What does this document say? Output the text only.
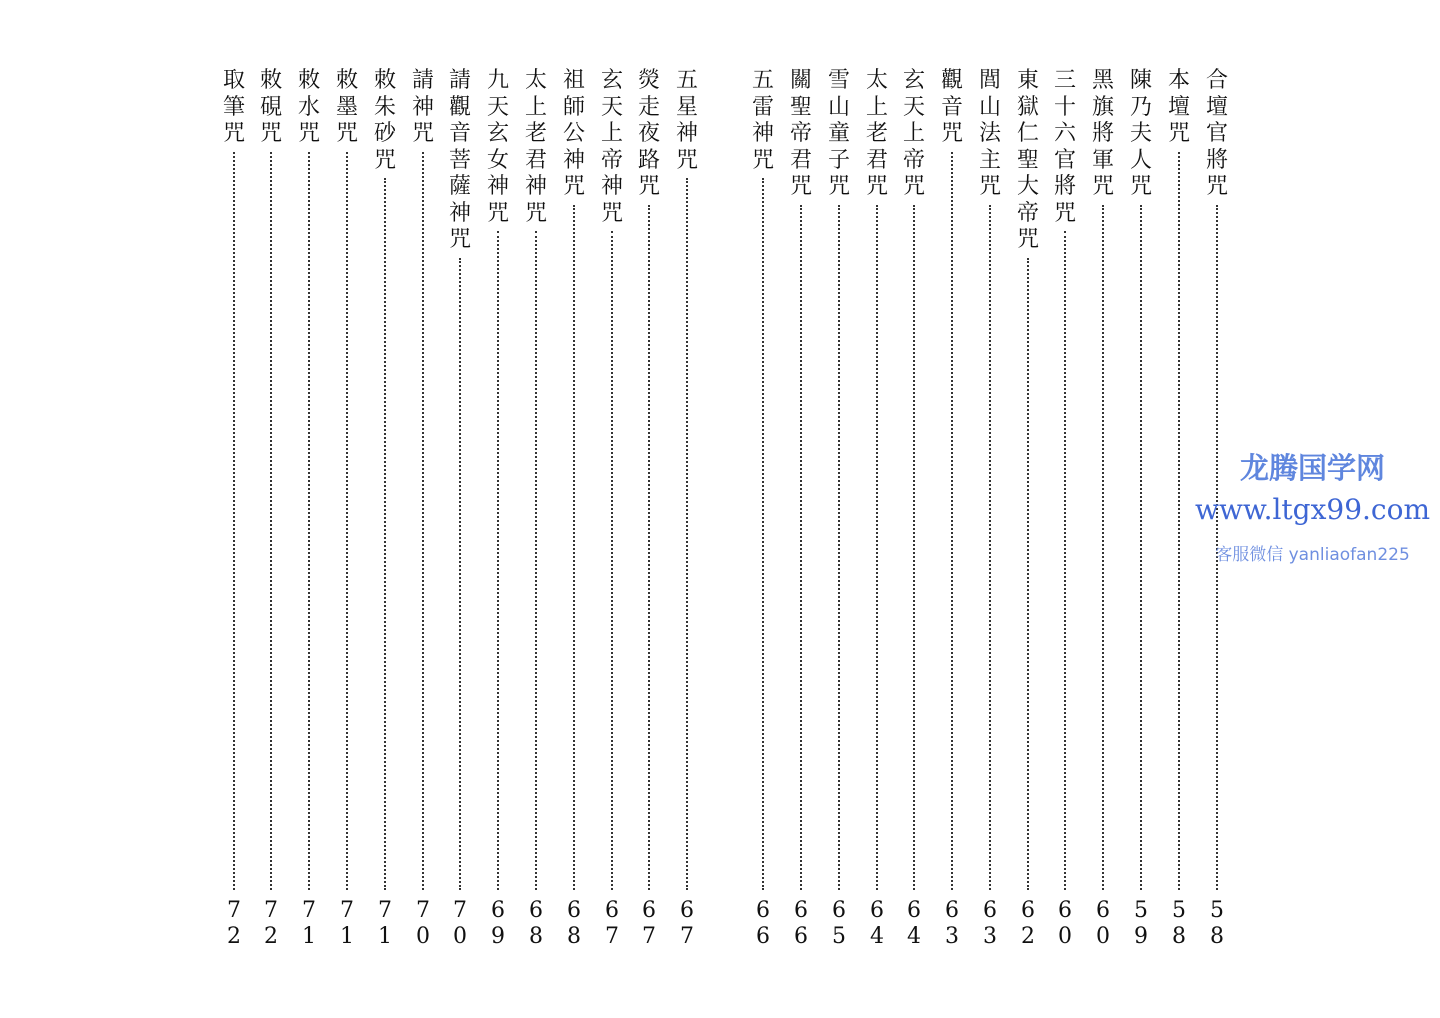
合壇官將咒
58
本壇咒
58
陳乃夫人咒
59
黑旗將軍咒
60
三十六官將咒
60
東獄仁聖大帝咒
62
閭山法主咒
63
觀音咒
63
玄天上帝咒
64
太上老君咒
64
雪山童子咒
65
關聖帝君咒
66
五雷神咒
66
五星神咒
67
熒走夜路咒
67
玄天上帝神咒
67
祖師公神咒
68
太上老君神咒
68
九天玄女神咒
69
請觀音菩薩神咒
70
請神咒
70
敇朱砂咒
71
敇墨咒
71
敇水咒
71
敇硯咒
72
取筆咒
72
龙腾国学网
www.ltgx99.com
客服微信 yanliaofan225
